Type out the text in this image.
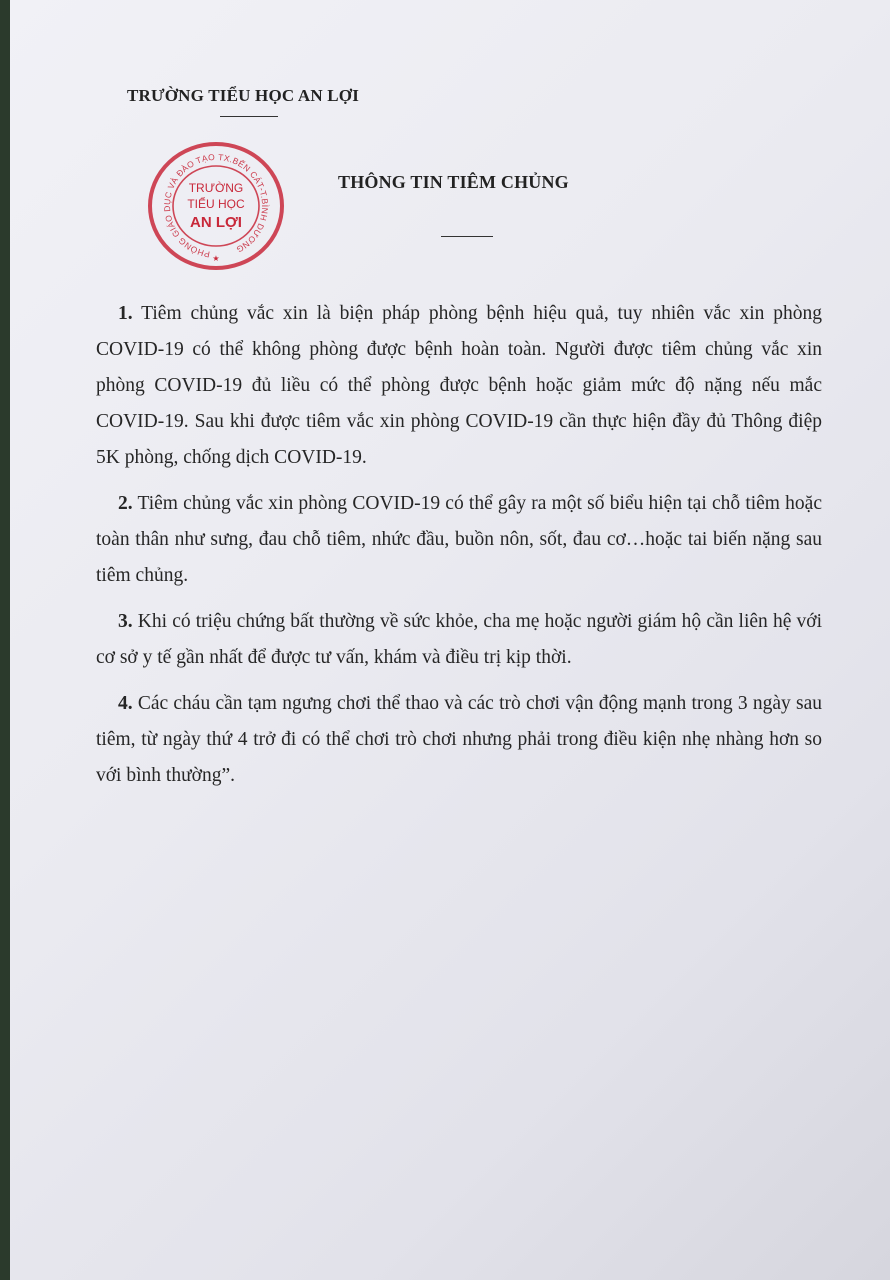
TRƯỜNG TIỂU HỌC AN LỢI
PHÒNG GIÁO DỤC VÀ ĐÀO TẠO TX.BẾN CÁT-T.BÌNH DƯƠNG
TRƯỜNG
TIỂU HỌC
AN LỢI
★
THÔNG TIN TIÊM CHỦNG

1. Tiêm chủng vắc xin là biện pháp phòng bệnh hiệu quả, tuy nhiên vắc xin phòng COVID-19 có thể không phòng được bệnh hoàn toàn. Người được tiêm chủng vắc xin phòng COVID-19 đủ liều có thể phòng được bệnh hoặc giảm mức độ nặng nếu mắc COVID-19. Sau khi được tiêm vắc xin phòng COVID-19 cần thực hiện đầy đủ Thông điệp 5K phòng, chống dịch COVID-19.

2. Tiêm chủng vắc xin phòng COVID-19 có thể gây ra một số biểu hiện tại chỗ tiêm hoặc toàn thân như sưng, đau chỗ tiêm, nhức đầu, buồn nôn, sốt, đau cơ…hoặc tai biến nặng sau tiêm chủng.

3. Khi có triệu chứng bất thường về sức khỏe, cha mẹ hoặc người giám hộ cần liên hệ với cơ sở y tế gần nhất để được tư vấn, khám và điều trị kịp thời.

4. Các cháu cần tạm ngưng chơi thể thao và các trò chơi vận động mạnh trong 3 ngày sau tiêm, từ ngày thứ 4 trở đi có thể chơi trò chơi nhưng phải trong điều kiện nhẹ nhàng hơn so với bình thường”.
